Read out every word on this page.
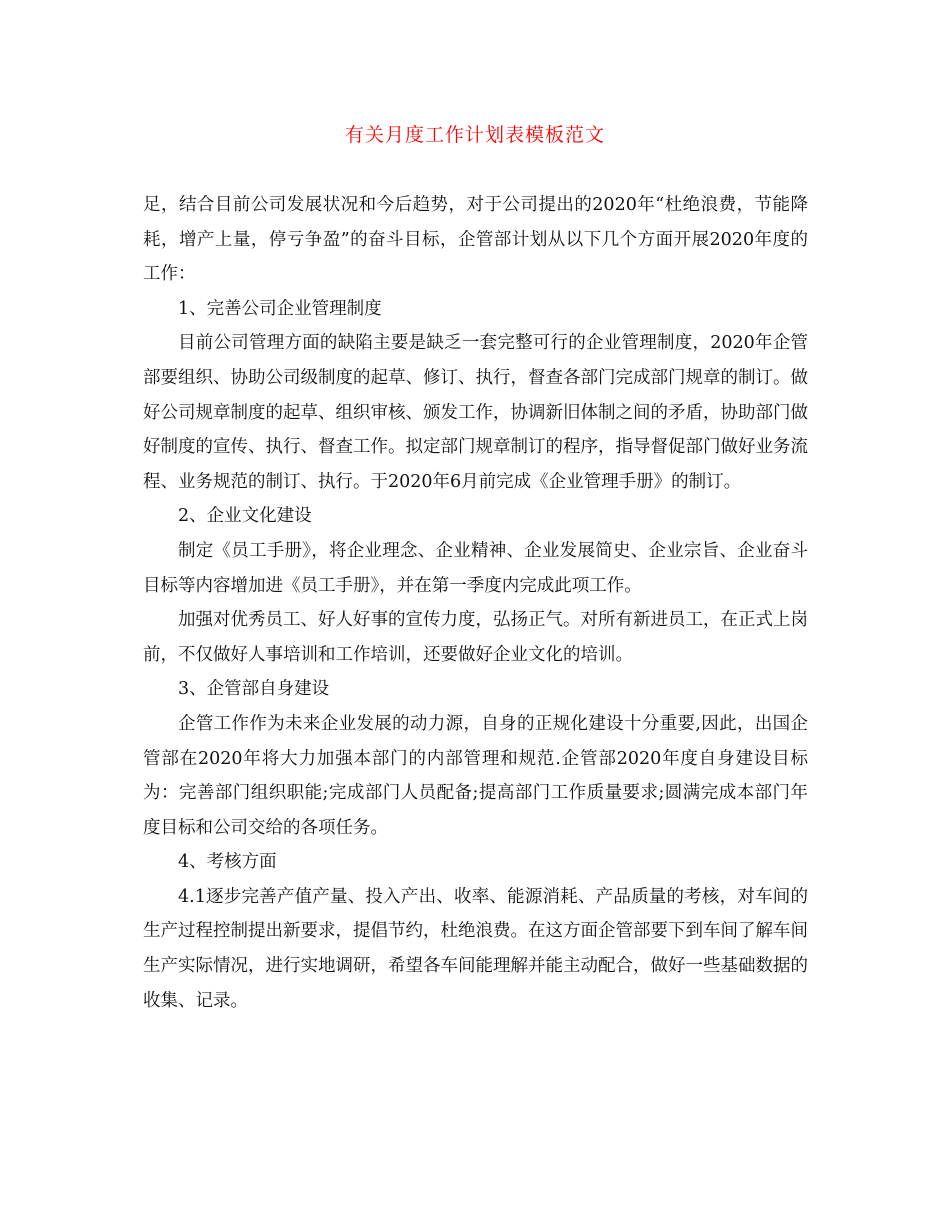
有关月度工作计划表模板范文

足，结合目前公司发展状况和今后趋势，对于公司提出的2020年“杜绝浪费，节能降耗，增产上量，停亏争盈”的奋斗目标，企管部计划从以下几个方面开展2020年度的工作：

1、完善公司企业管理制度

目前公司管理方面的缺陷主要是缺乏一套完整可行的企业管理制度，2020年企管部要组织、协助公司级制度的起草、修订、执行，督查各部门完成部门规章的制订。做好公司规章制度的起草、组织审核、颁发工作，协调新旧体制之间的矛盾，协助部门做好制度的宣传、执行、督查工作。拟定部门规章制订的程序，指导督促部门做好业务流程、业务规范的制订、执行。于2020年6月前完成《企业管理手册》的制订。

2、企业文化建设

制定《员工手册》，将企业理念、企业精神、企业发展简史、企业宗旨、企业奋斗目标等内容增加进《员工手册》，并在第一季度内完成此项工作。

加强对优秀员工、好人好事的宣传力度，弘扬正气。对所有新进员工，在正式上岗前，不仅做好人事培训和工作培训，还要做好企业文化的培训。

3、企管部自身建设

企管工作作为未来企业发展的动力源，自身的正规化建设十分重要,因此，出国企管部在2020年将大力加强本部门的内部管理和规范.企管部2020年度自身建设目标为：完善部门组织职能;完成部门人员配备;提高部门工作质量要求;圆满完成本部门年度目标和公司交给的各项任务。

4、考核方面

4.1逐步完善产值产量、投入产出、收率、能源消耗、产品质量的考核，对车间的生产过程控制提出新要求，提倡节约，杜绝浪费。在这方面企管部要下到车间了解车间生产实际情况，进行实地调研，希望各车间能理解并能主动配合，做好一些基础数据的收集、记录。
